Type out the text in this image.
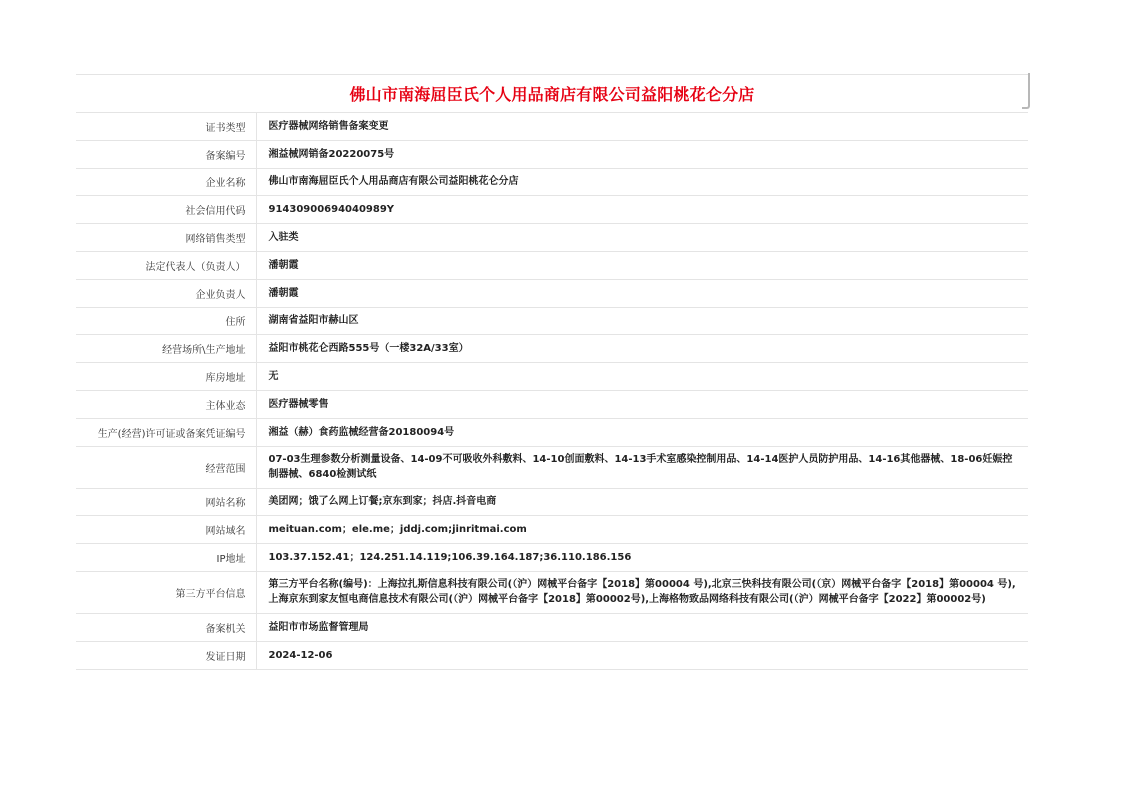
佛山市南海屈臣氏个人用品商店有限公司益阳桃花仑分店
证书类型	医疗器械网络销售备案变更
备案编号	湘益械网销备20220075号
企业名称	佛山市南海屈臣氏个人用品商店有限公司益阳桃花仑分店
社会信用代码	91430900694040989Y
网络销售类型	入驻类
法定代表人（负责人）	潘朝霞
企业负责人	潘朝霞
住所	湖南省益阳市赫山区
经营场所\生产地址	益阳市桃花仑西路555号（一楼32A/33室）
库房地址	无
主体业态	医疗器械零售
生产(经营)许可证或备案凭证编号	湘益（赫）食药监械经营备20180094号
经营范围	07-03生理参数分析测量设备、14-09不可吸收外科敷料、14-10创面敷料、14-13手术室感染控制用品、14-14医护人员防护用品、14-16其他器械、18-06妊娠控制器械、6840检测试纸
网站名称	美团网；饿了么网上订餐;京东到家；抖店.抖音电商
网站域名	meituan.com；ele.me；jddj.com;jinritmai.com
IP地址	103.37.152.41；124.251.14.119;106.39.164.187;36.110.186.156
第三方平台信息	第三方平台名称(编号)：上海拉扎斯信息科技有限公司(（沪）网械平台备字【2018】第00004 号),北京三快科技有限公司(（京）网械平台备字【2018】第00004 号),上海京东到家友恒电商信息技术有限公司(（沪）网械平台备字【2018】第00002号),上海格物致品网络科技有限公司(（沪）网械平台备字【2022】第00002号)
备案机关	益阳市市场监督管理局
发证日期	2024-12-06
